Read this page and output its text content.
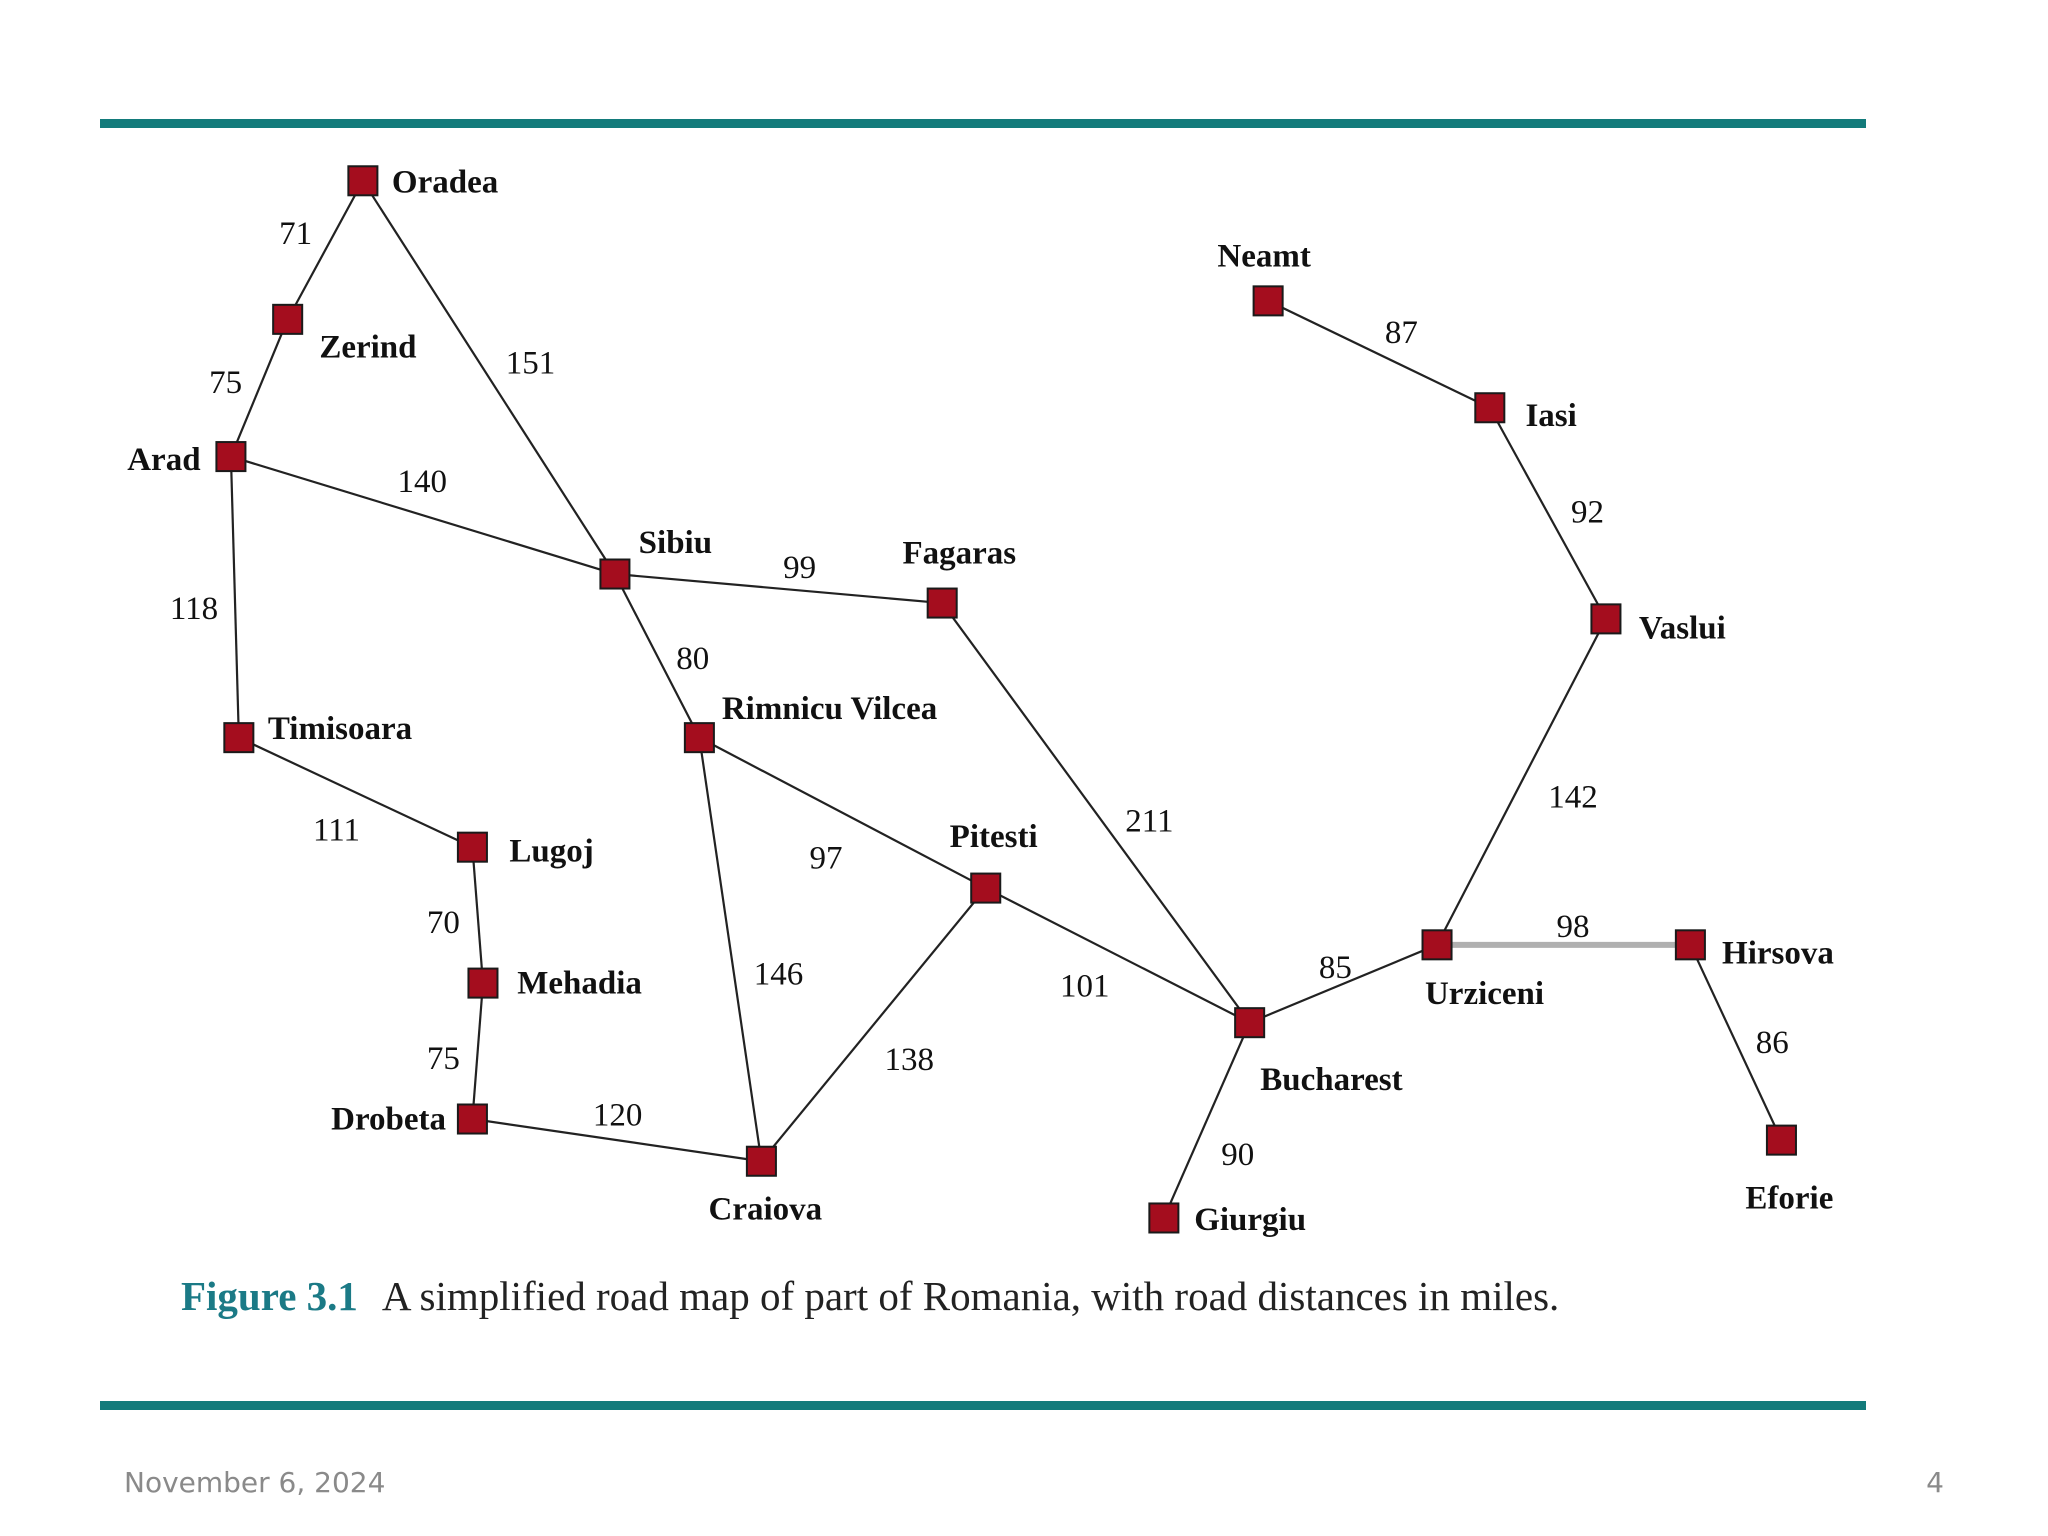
Oradea
Zerind
Arad
Timisoara
Lugoj
Mehadia
Drobeta
Craiova
Sibiu
Rimnicu Vilcea
Fagaras
Pitesti
Bucharest
Giurgiu
Urziceni
Hirsova
Eforie
Vaslui
Iasi
Neamt
71
75
151
140
118
111
70
75
120
99
80
146
97
138
101
211
90
85
98
86
142
92
87
Figure 3.1 A simplified road map of part of Romania, with road distances in miles.
November 6, 2024	4
